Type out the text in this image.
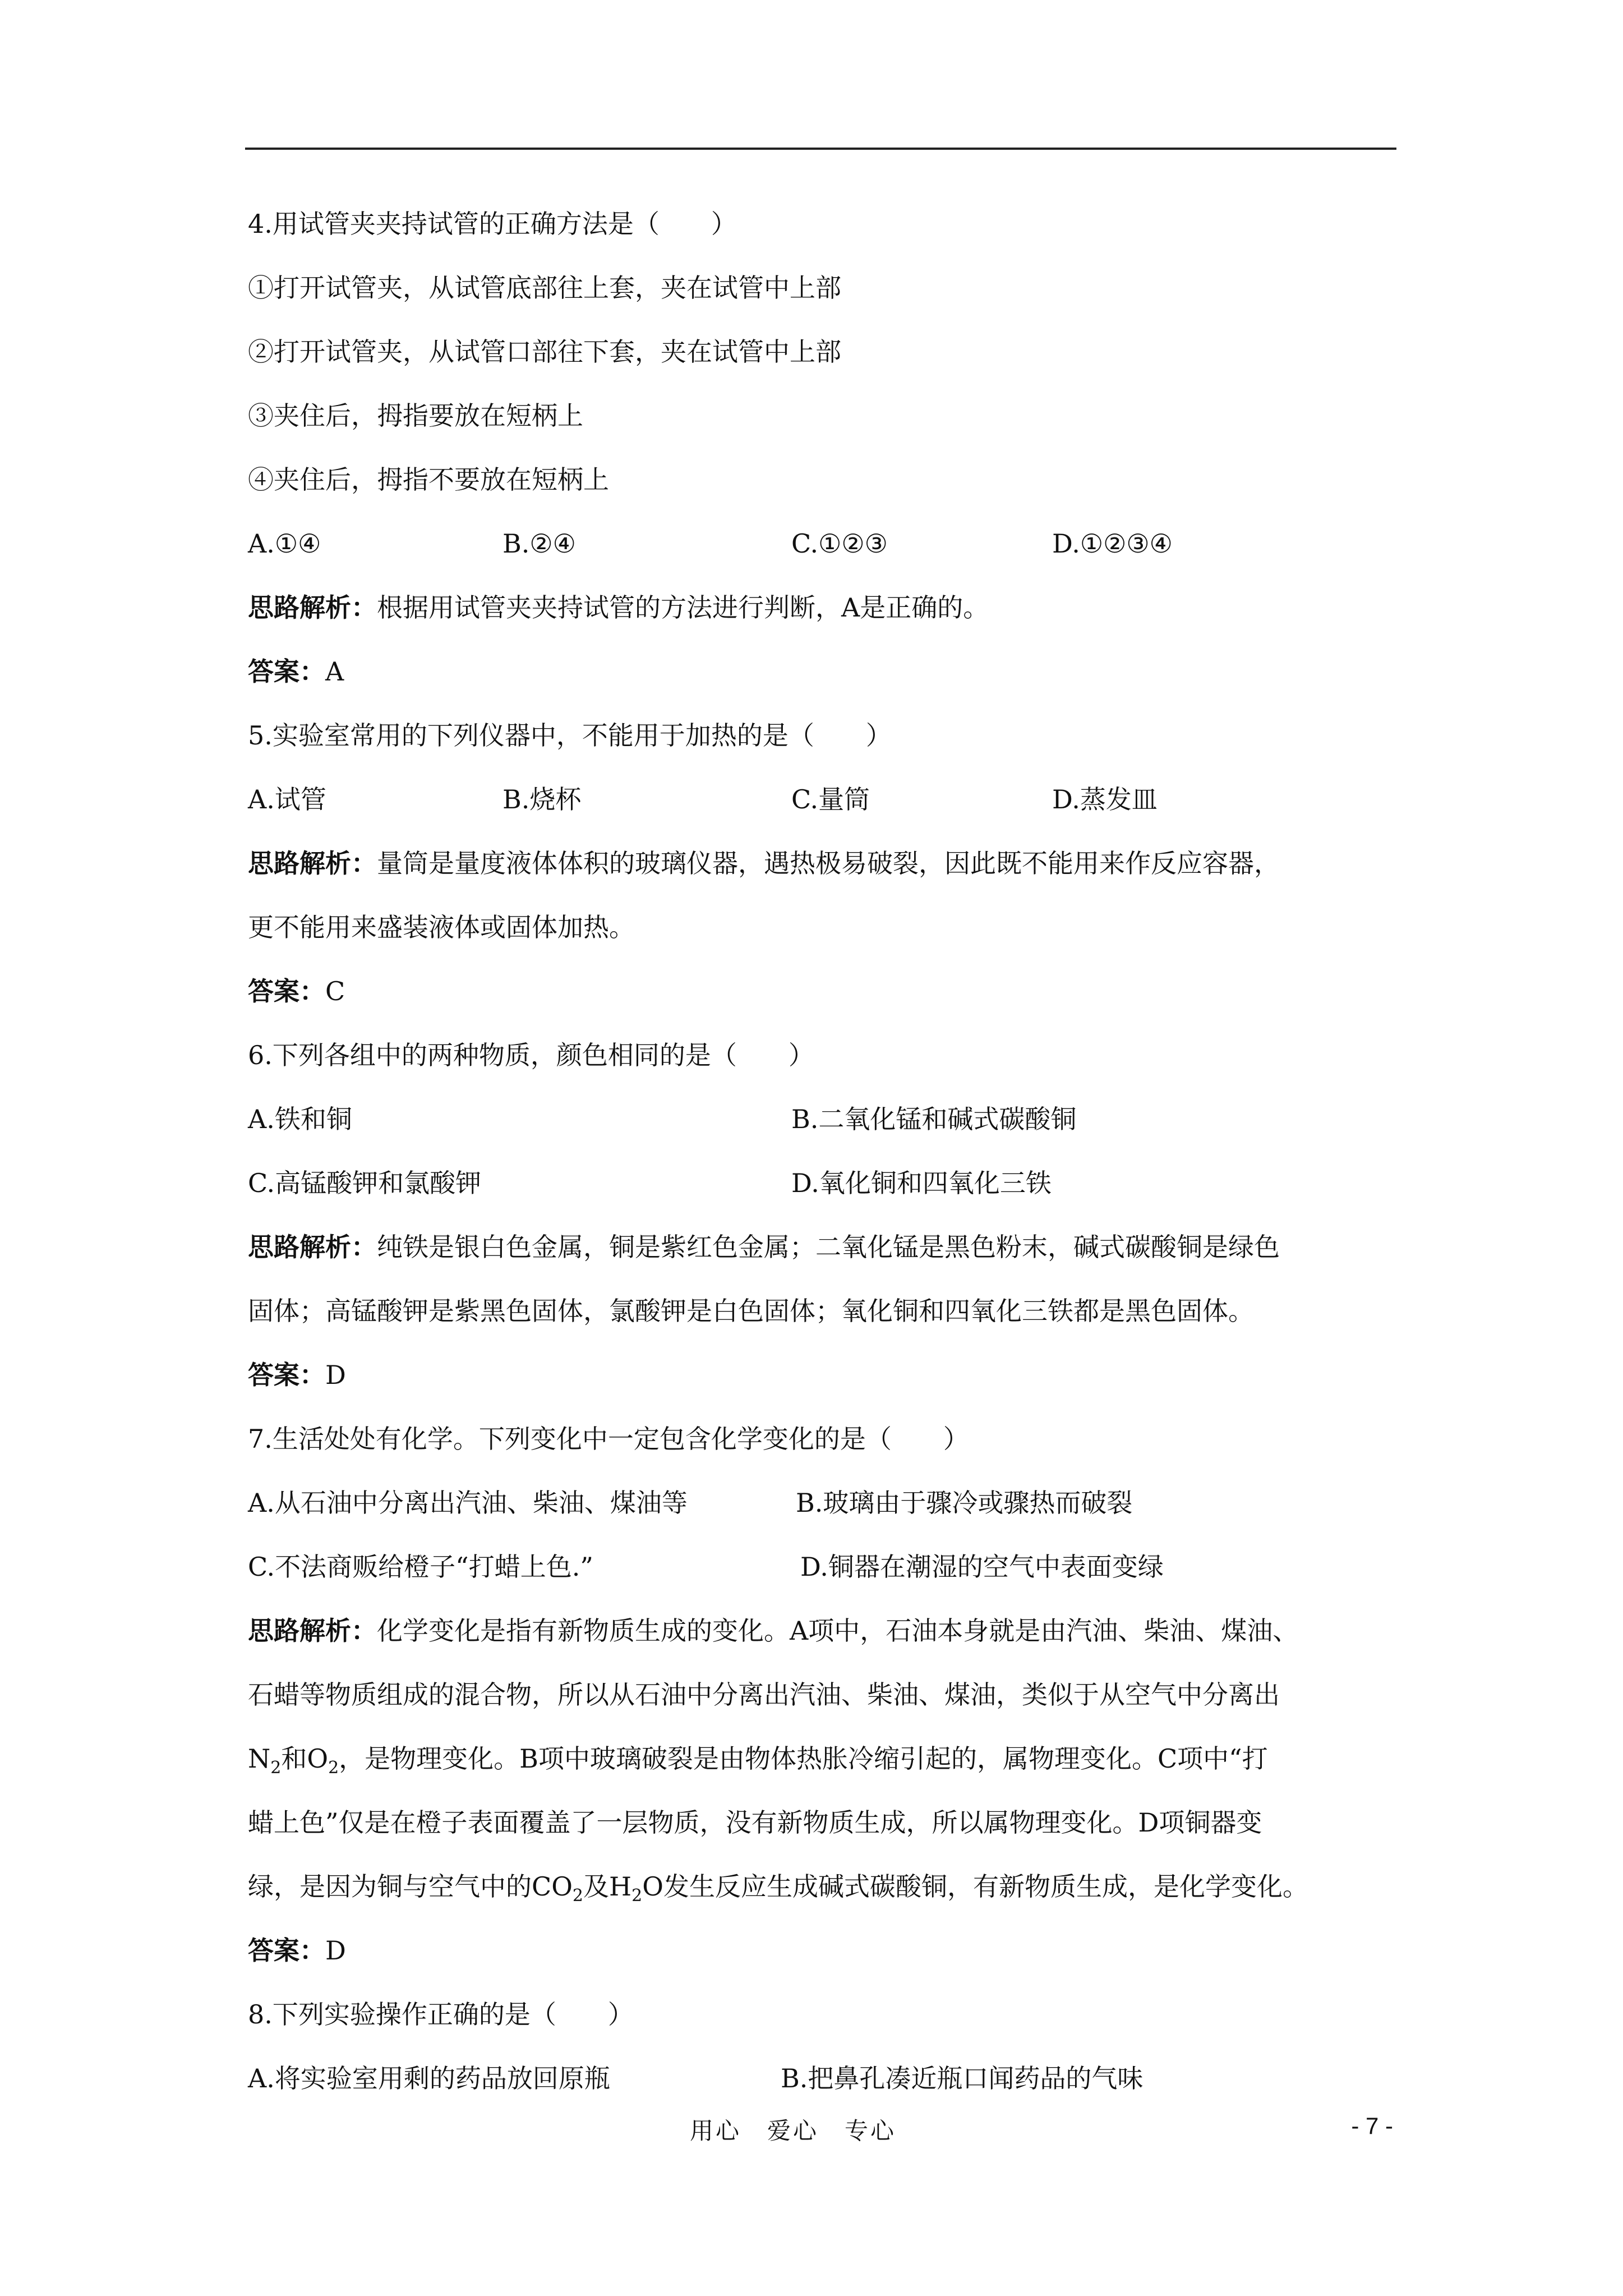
4.用试管夹夹持试管的正确方法是（　　）
①打开试管夹，从试管底部往上套，夹在试管中上部
②打开试管夹，从试管口部往下套，夹在试管中上部
③夹住后，拇指要放在短柄上
④夹住后，拇指不要放在短柄上
A.①④	B.②④	C.①②③	D.①②③④
思路解析：根据用试管夹夹持试管的方法进行判断，A是正确的。
答案：A
5.实验室常用的下列仪器中，不能用于加热的是（　　）
A.试管	B.烧杯	C.量筒	D.蒸发皿
思路解析：量筒是量度液体体积的玻璃仪器，遇热极易破裂，因此既不能用来作反应容器，
更不能用来盛装液体或固体加热。
答案：C
6.下列各组中的两种物质，颜色相同的是（　　）
A.铁和铜	B.二氧化锰和碱式碳酸铜
C.高锰酸钾和氯酸钾	D.氧化铜和四氧化三铁
思路解析：纯铁是银白色金属，铜是紫红色金属；二氧化锰是黑色粉末，碱式碳酸铜是绿色
固体；高锰酸钾是紫黑色固体，氯酸钾是白色固体；氧化铜和四氧化三铁都是黑色固体。
答案：D
7.生活处处有化学。下列变化中一定包含化学变化的是（　　）
A.从石油中分离出汽油、柴油、煤油等	B.玻璃由于骤冷或骤热而破裂
C.不法商贩给橙子“打蜡上色.”	D.铜器在潮湿的空气中表面变绿
思路解析：化学变化是指有新物质生成的变化。A项中，石油本身就是由汽油、柴油、煤油、
石蜡等物质组成的混合物，所以从石油中分离出汽油、柴油、煤油，类似于从空气中分离出
$N_2$和$O_2$，是物理变化。B项中玻璃破裂是由物体热胀冷缩引起的，属物理变化。C项中“打
蜡上色”仅是在橙子表面覆盖了一层物质，没有新物质生成，所以属物理变化。D项铜器变
绿，是因为铜与空气中的$CO_2$及$H_2O$发生反应生成碱式碳酸铜，有新物质生成，是化学变化。
答案：D
8.下列实验操作正确的是（　　）
A.将实验室用剩的药品放回原瓶	B.把鼻孔凑近瓶口闻药品的气味
用心　爱心　专心	- 7 -
